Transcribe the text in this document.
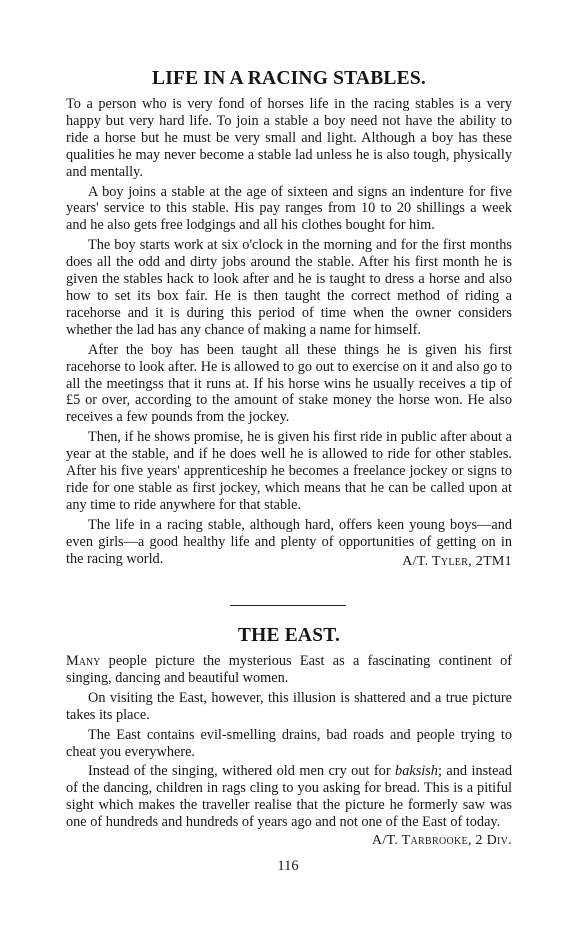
LIFE IN A RACING STABLES.

To a person who is very fond of horses life in the racing stables is a very happy but very hard life. To join a stable a boy need not have the ability to ride a horse but he must be very small and light. Although a boy has these qualities he may never become a stable lad unless he is also tough, physically and mentally.

A boy joins a stable at the age of sixteen and signs an indenture for five years' service to this stable. His pay ranges from 10 to 20 shillings a week and he also gets free lodgings and all his clothes bought for him.

The boy starts work at six o'clock in the morning and for the first months does all the odd and dirty jobs around the stable. After his first month he is given the stables hack to look after and he is taught to dress a horse and also how to set its box fair. He is then taught the correct method of riding a racehorse and it is during this period of time when the owner considers whether the lad has any chance of making a name for himself.

After the boy has been taught all these things he is given his first racehorse to look after. He is allowed to go out to exercise on it and also go to all the meetingss that it runs at. If his horse wins he usually receives a tip of £5 or over, according to the amount of stake money the horse won. He also receives a few pounds from the jockey.

Then, if he shows promise, he is given his first ride in public after about a year at the stable, and if he does well he is allowed to ride for other stables. After his five years' apprenticeship he becomes a freelance jockey or signs to ride for one stable as first jockey, which means that he can be called upon at any time to ride anywhere for that stable.

The life in a racing stable, although hard, offers keen young boys—and even girls—a good healthy life and plenty of opportunities of getting on in the racing world.	A/T. Tyler, 2TM1

THE EAST.

Many people picture the mysterious East as a fascinating continent of singing, dancing and beautiful women.

On visiting the East, however, this illusion is shattered and a true picture takes its place.

The East contains evil-smelling drains, bad roads and people trying to cheat you everywhere.

Instead of the singing, withered old men cry out for baksish; and instead of the dancing, children in rags cling to you asking for bread. This is a pitiful sight which makes the traveller realise that the picture he formerly saw was one of hundreds and hundreds of years ago and not one of the East of today.

A/T. Tarbrooke, 2 Div.
116
